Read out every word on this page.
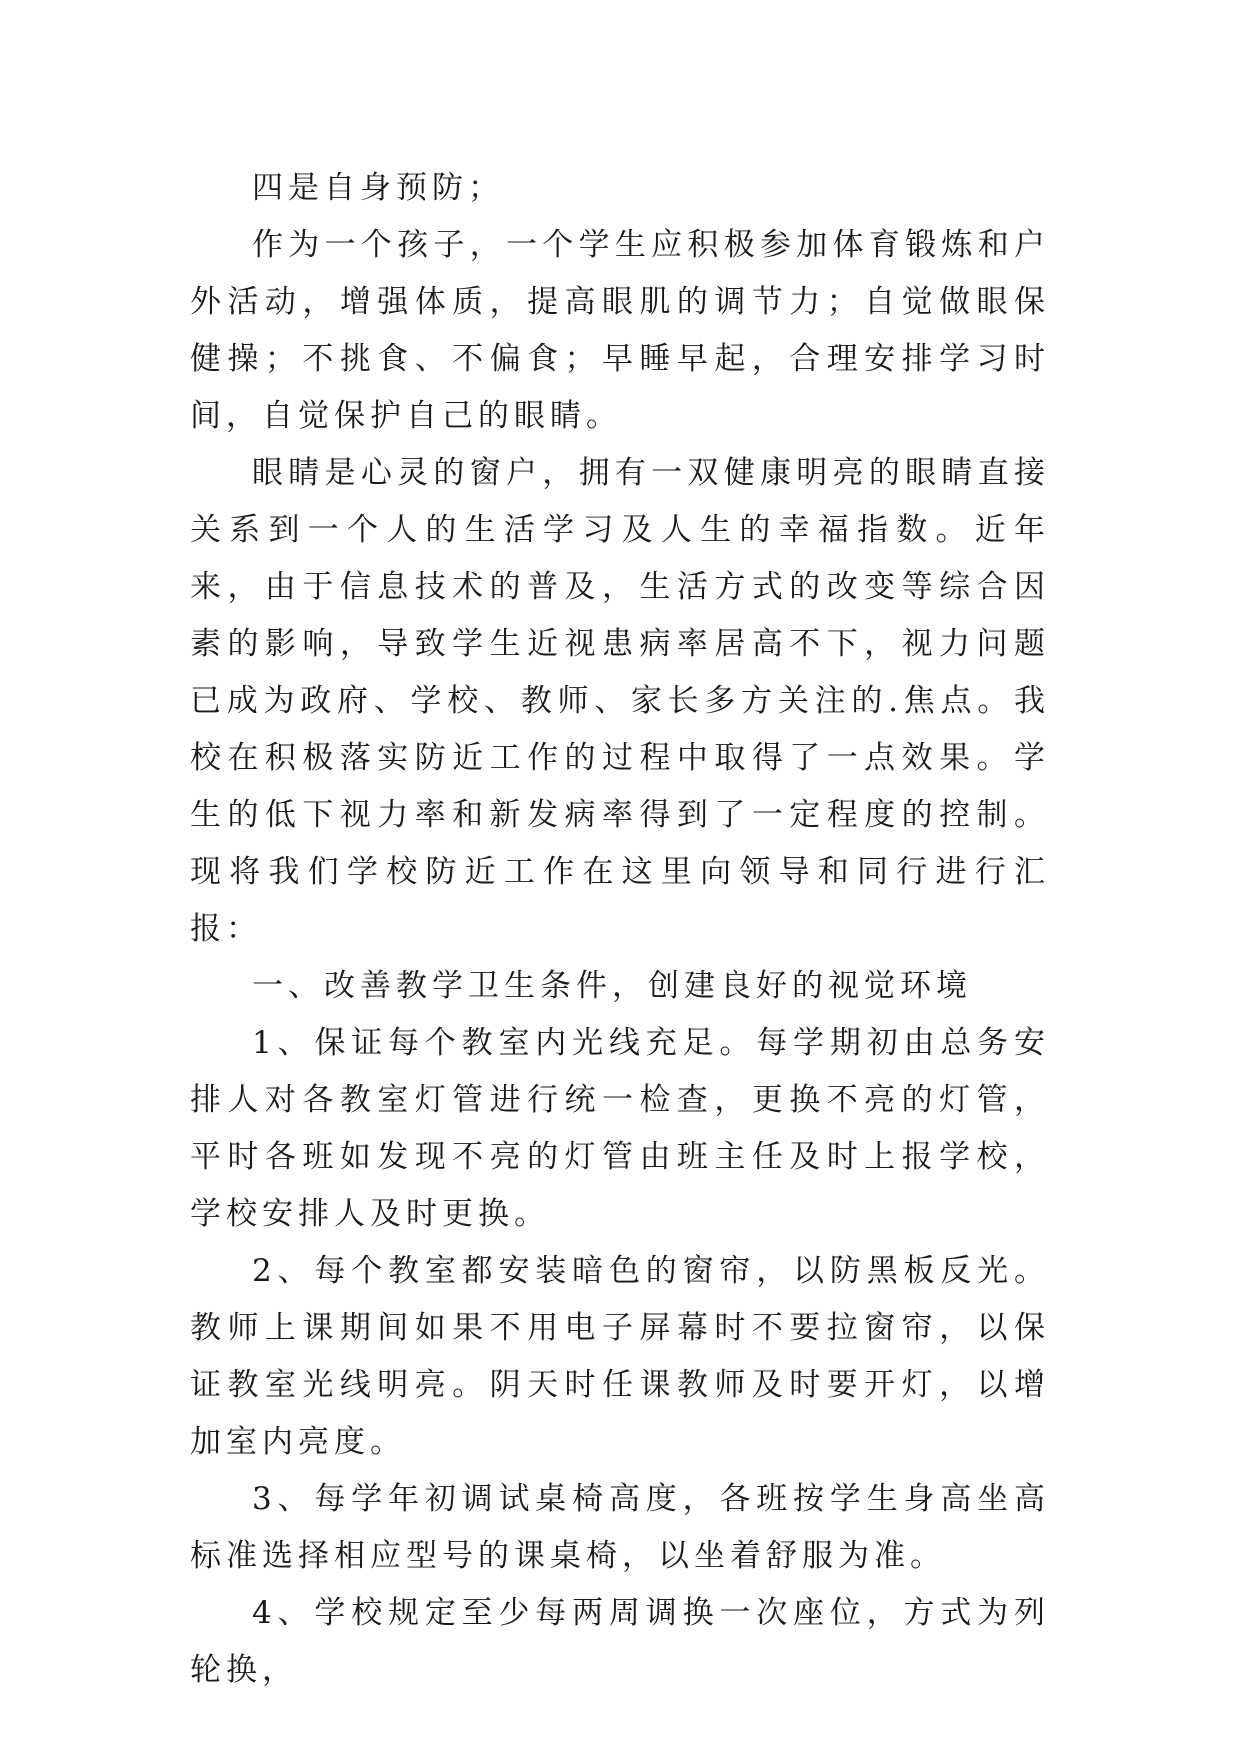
四是自身预防；

作为一个孩子，一个学生应积极参加体育锻炼和户外活动，增强体质，提高眼肌的调节力；自觉做眼保健操；不挑食、不偏食；早睡早起，合理安排学习时间，自觉保护自己的眼睛。

眼睛是心灵的窗户，拥有一双健康明亮的眼睛直接关系到一个人的生活学习及人生的幸福指数。近年来，由于信息技术的普及，生活方式的改变等综合因素的影响，导致学生近视患病率居高不下，视力问题已成为政府、学校、教师、家长多方关注的.焦点。我校在积极落实防近工作的过程中取得了一点效果。学生的低下视力率和新发病率得到了一定程度的控制。现将我们学校防近工作在这里向领导和同行进行汇报：

一、改善教学卫生条件，创建良好的视觉环境

1、保证每个教室内光线充足。每学期初由总务安排人对各教室灯管进行统一检查，更换不亮的灯管，平时各班如发现不亮的灯管由班主任及时上报学校，学校安排人及时更换。

2、每个教室都安装暗色的窗帘，以防黑板反光。教师上课期间如果不用电子屏幕时不要拉窗帘，以保证教室光线明亮。阴天时任课教师及时要开灯，以增加室内亮度。

3、每学年初调试桌椅高度，各班按学生身高坐高标准选择相应型号的课桌椅，以坐着舒服为准。

4、学校规定至少每两周调换一次座位，方式为列轮换，
